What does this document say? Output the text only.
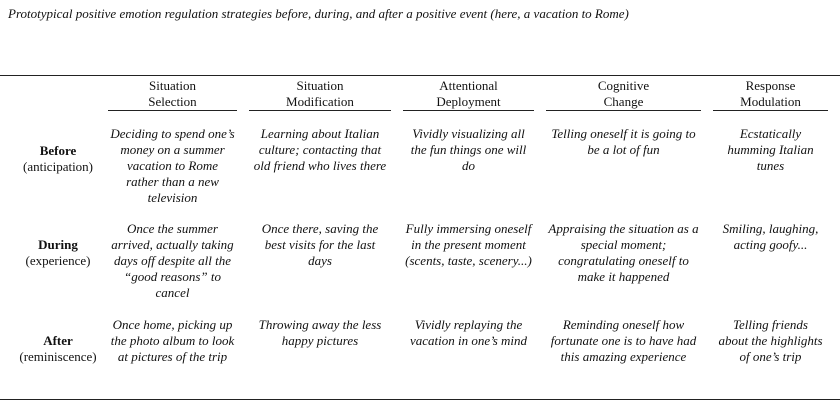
Prototypical positive emotion regulation strategies before, during, and after a positive event (here, a vacation to Rome)
Situation
Selection
Situation
Modification
Attentional
Deployment
Cognitive
Change
Response
Modulation
Before
(anticipation)
Deciding to spend one’s money on a summer vacation to Rome rather than a new television
Learning about Italian culture; contacting that old friend who lives there
Vividly visualizing all the fun things one will do
Telling oneself it is going to be a lot of fun
Ecstatically humming Italian tunes
During
(experience)
Once the summer arrived, actually taking days off despite all the “good reasons” to cancel
Once there, saving the best visits for the last days
Fully immersing oneself in the present moment (scents, taste, scenery...)
Appraising the situation as a special moment; congratulating oneself to make it happened
Smiling, laughing, acting goofy...
After
(reminiscence)
Once home, picking up the photo album to look at pictures of the trip
Throwing away the less happy pictures
Vividly replaying the vacation in one’s mind
Reminding oneself how fortunate one is to have had this amazing experience
Telling friends about the highlights of one’s trip
